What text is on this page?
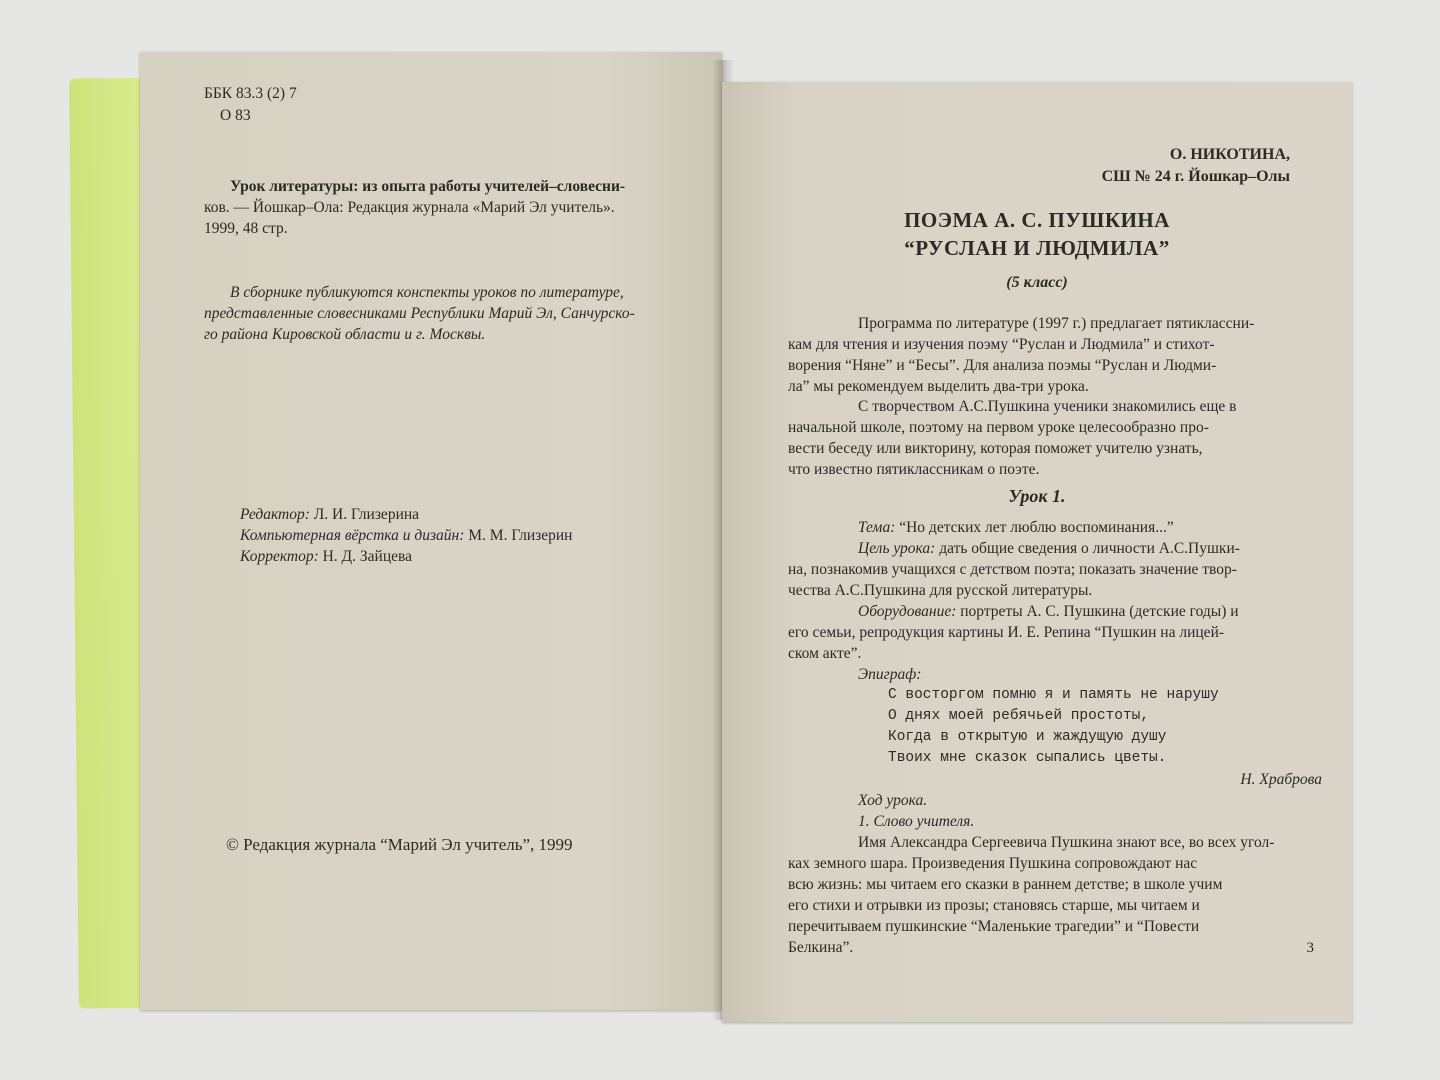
ББК 83.3 (2) 7
О 83
Урок литературы: из опыта работы учителей–словесни-
ков. — Йошкар–Ола: Редакция журнала «Марий Эл учитель».
1999, 48 стр.
В сборнике публикуются конспекты уроков по литературе,
представленные словесниками Республики Марий Эл, Санчурско-
го района Кировской области и г. Москвы.
Редактор: Л. И. Глизерина
Компьютерная вёрстка и дизайн: М. М. Глизерин
Корректор: Н. Д. Зайцева
© Редакция журнала “Марий Эл учитель”, 1999
О. НИКОТИНА,
СШ № 24 г. Йошкар–Олы
ПОЭМА А. С. ПУШКИНА
“РУСЛАН И ЛЮДМИЛА”
(5 класс)
Программа по литературе (1997 г.) предлагает пятиклассни-
кам для чтения и изучения поэму “Руслан и Людмила” и стихот-
ворения “Няне” и “Бесы”. Для анализа поэмы “Руслан и Людми-
ла” мы рекомендуем выделить два-три урока.
С творчеством А.С.Пушкина ученики знакомились еще в
начальной школе, поэтому на первом уроке целесообразно про-
вести беседу или викторину, которая поможет учителю узнать,
что известно пятиклассникам о поэте.
Урок 1.
Тема: “Но детских лет люблю воспоминания...”
Цель урока: дать общие сведения о личности А.С.Пушки-
на, познакомив учащихся с детством поэта; показать значение твор-
чества А.С.Пушкина для русской литературы.
Оборудование: портреты А. С. Пушкина (детские годы) и
его семьи, репродукция картины И. Е. Репина “Пушкин на лицей-
ском акте”.
Эпиграф:
С восторгом помню я и память не нарушу
О днях моей ребячьей простоты,
Когда в открытую и жаждущую душу
Твоих мне сказок сыпались цветы.
Н. Храброва
Ход урока.
1. Слово учителя.
Имя Александра Сергеевича Пушкина знают все, во всех угол-
ках земного шара. Произведения Пушкина сопровождают нас
всю жизнь: мы читаем его сказки в раннем детстве; в школе учим
его стихи и отрывки из прозы; становясь старше, мы читаем и
перечитываем пушкинские “Маленькие трагедии” и “Повести
Белкина”.	3
